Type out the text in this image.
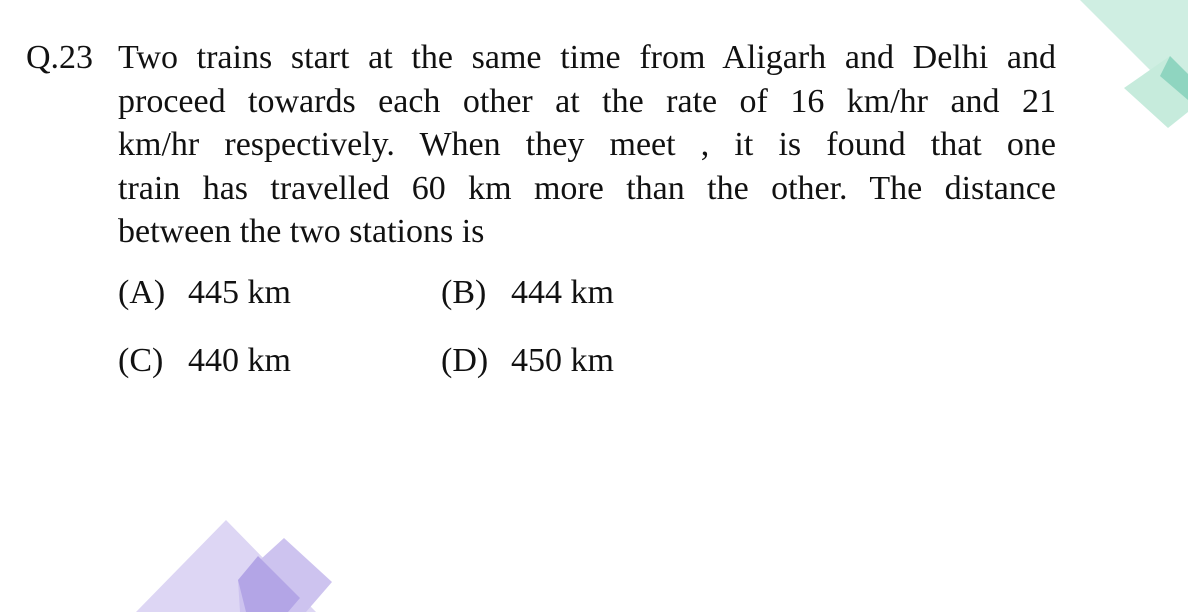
Q.23 Two trains start at the same time from Aligarh and Delhi and
proceed towards each other at the rate of 16 km/hr and 21
km/hr respectively. When they meet , it is found that one
train has travelled 60 km more than the other. The distance
between the two stations is
(A) 445 km	(B) 444 km
(C) 440 km	(D) 450 km
